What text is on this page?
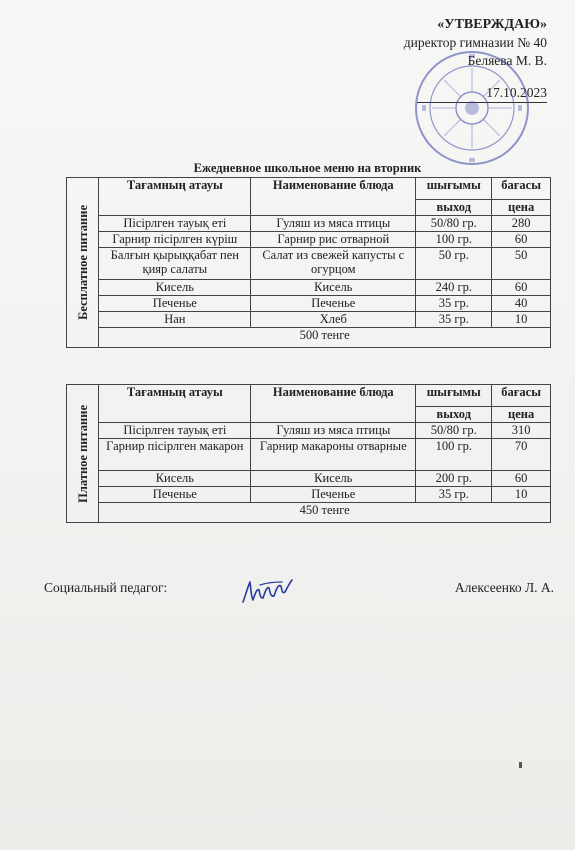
«УТВЕРЖДАЮ»
директор гимназии № 40
Беляева М. В.
17.10.2023
Ежедневное школьное меню на вторник
Бесплатное питание	Тағамның атауы	Наименование блюда	шығымы	бағасы
			выход	цена
	Пісірлген тауық еті	Гуляш из мяса птицы	50/80 гр.	280
	Гарнир пісірлген күріш	Гарнир рис отварной	100 гр.	60
	Балғын қырыққабат пен қияр салаты	Салат из свежей капусты с огурцом	50 гр.	50
	Кисель	Кисель	240 гр.	60
	Печенье	Печенье	35 гр.	40
	Нан	Хлеб	35 гр.	10
	500 тенге			
Платное питание	Тағамның атауы	Наименование блюда	шығымы	бағасы
			выход	цена
	Пісірлген тауық еті	Гуляш из мяса птицы	50/80 гр.	310
	Гарнир пісірлген макарон	Гарнир макароны отварные	100 гр.	70
	Кисель	Кисель	200 гр.	60
	Печенье	Печенье	35 гр.	10
	450 тенге			
Социальный педагог:	Алексеенко Л. А.
